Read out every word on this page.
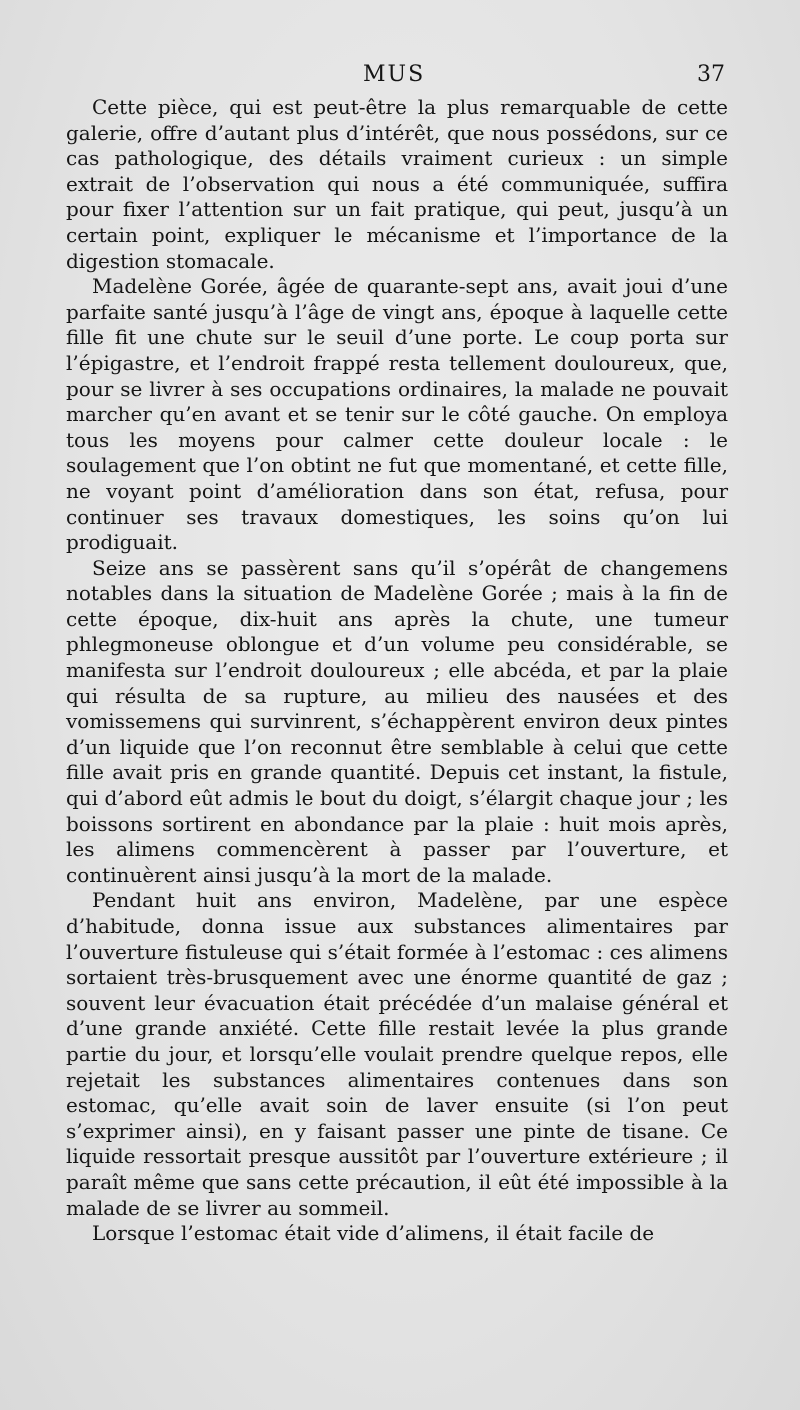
MUS	37

Cette pièce, qui est peut-être la plus remarquable de cette galerie, offre d’autant plus d’intérêt, que nous possédons, sur ce cas pathologique, des détails vraiment curieux : un simple extrait de l’observation qui nous a été communiquée, suffira pour fixer l’attention sur un fait pratique, qui peut, jusqu’à un certain point, expliquer le mécanisme et l’importance de la digestion stomacale.

Madelène Gorée, âgée de quarante-sept ans, avait joui d’une parfaite santé jusqu’à l’âge de vingt ans, époque à laquelle cette fille fit une chute sur le seuil d’une porte. Le coup porta sur l’épigastre, et l’endroit frappé resta tellement douloureux, que, pour se livrer à ses occupations ordinaires, la malade ne pouvait marcher qu’en avant et se tenir sur le côté gauche. On employa tous les moyens pour calmer cette douleur locale : le soulagement que l’on obtint ne fut que momentané, et cette fille, ne voyant point d’amélioration dans son état, refusa, pour continuer ses travaux domestiques, les soins qu’on lui prodiguait.

Seize ans se passèrent sans qu’il s’opérât de changemens notables dans la situation de Madelène Gorée ; mais à la fin de cette époque, dix-huit ans après la chute, une tumeur phlegmoneuse oblongue et d’un volume peu considérable, se manifesta sur l’endroit douloureux ; elle abcéda, et par la plaie qui résulta de sa rupture, au milieu des nausées et des vomissemens qui survinrent, s’échappèrent environ deux pintes d’un liquide que l’on reconnut être semblable à celui que cette fille avait pris en grande quantité. Depuis cet instant, la fistule, qui d’abord eût admis le bout du doigt, s’élargit chaque jour ; les boissons sortirent en abondance par la plaie : huit mois après, les alimens commencèrent à passer par l’ouverture, et continuèrent ainsi jusqu’à la mort de la malade.

Pendant huit ans environ, Madelène, par une espèce d’habitude, donna issue aux substances alimentaires par l’ouverture fistuleuse qui s’était formée à l’estomac : ces alimens sortaient très-brusquement avec une énorme quantité de gaz ; souvent leur évacuation était précédée d’un malaise général et d’une grande anxiété. Cette fille restait levée la plus grande partie du jour, et lorsqu’elle voulait prendre quelque repos, elle rejetait les substances alimentaires contenues dans son estomac, qu’elle avait soin de laver ensuite (si l’on peut s’exprimer ainsi), en y faisant passer une pinte de tisane. Ce liquide ressortait presque aussitôt par l’ouverture extérieure ; il paraît même que sans cette précaution, il eût été impossible à la malade de se livrer au sommeil.

Lorsque l’estomac était vide d’alimens, il était facile de
